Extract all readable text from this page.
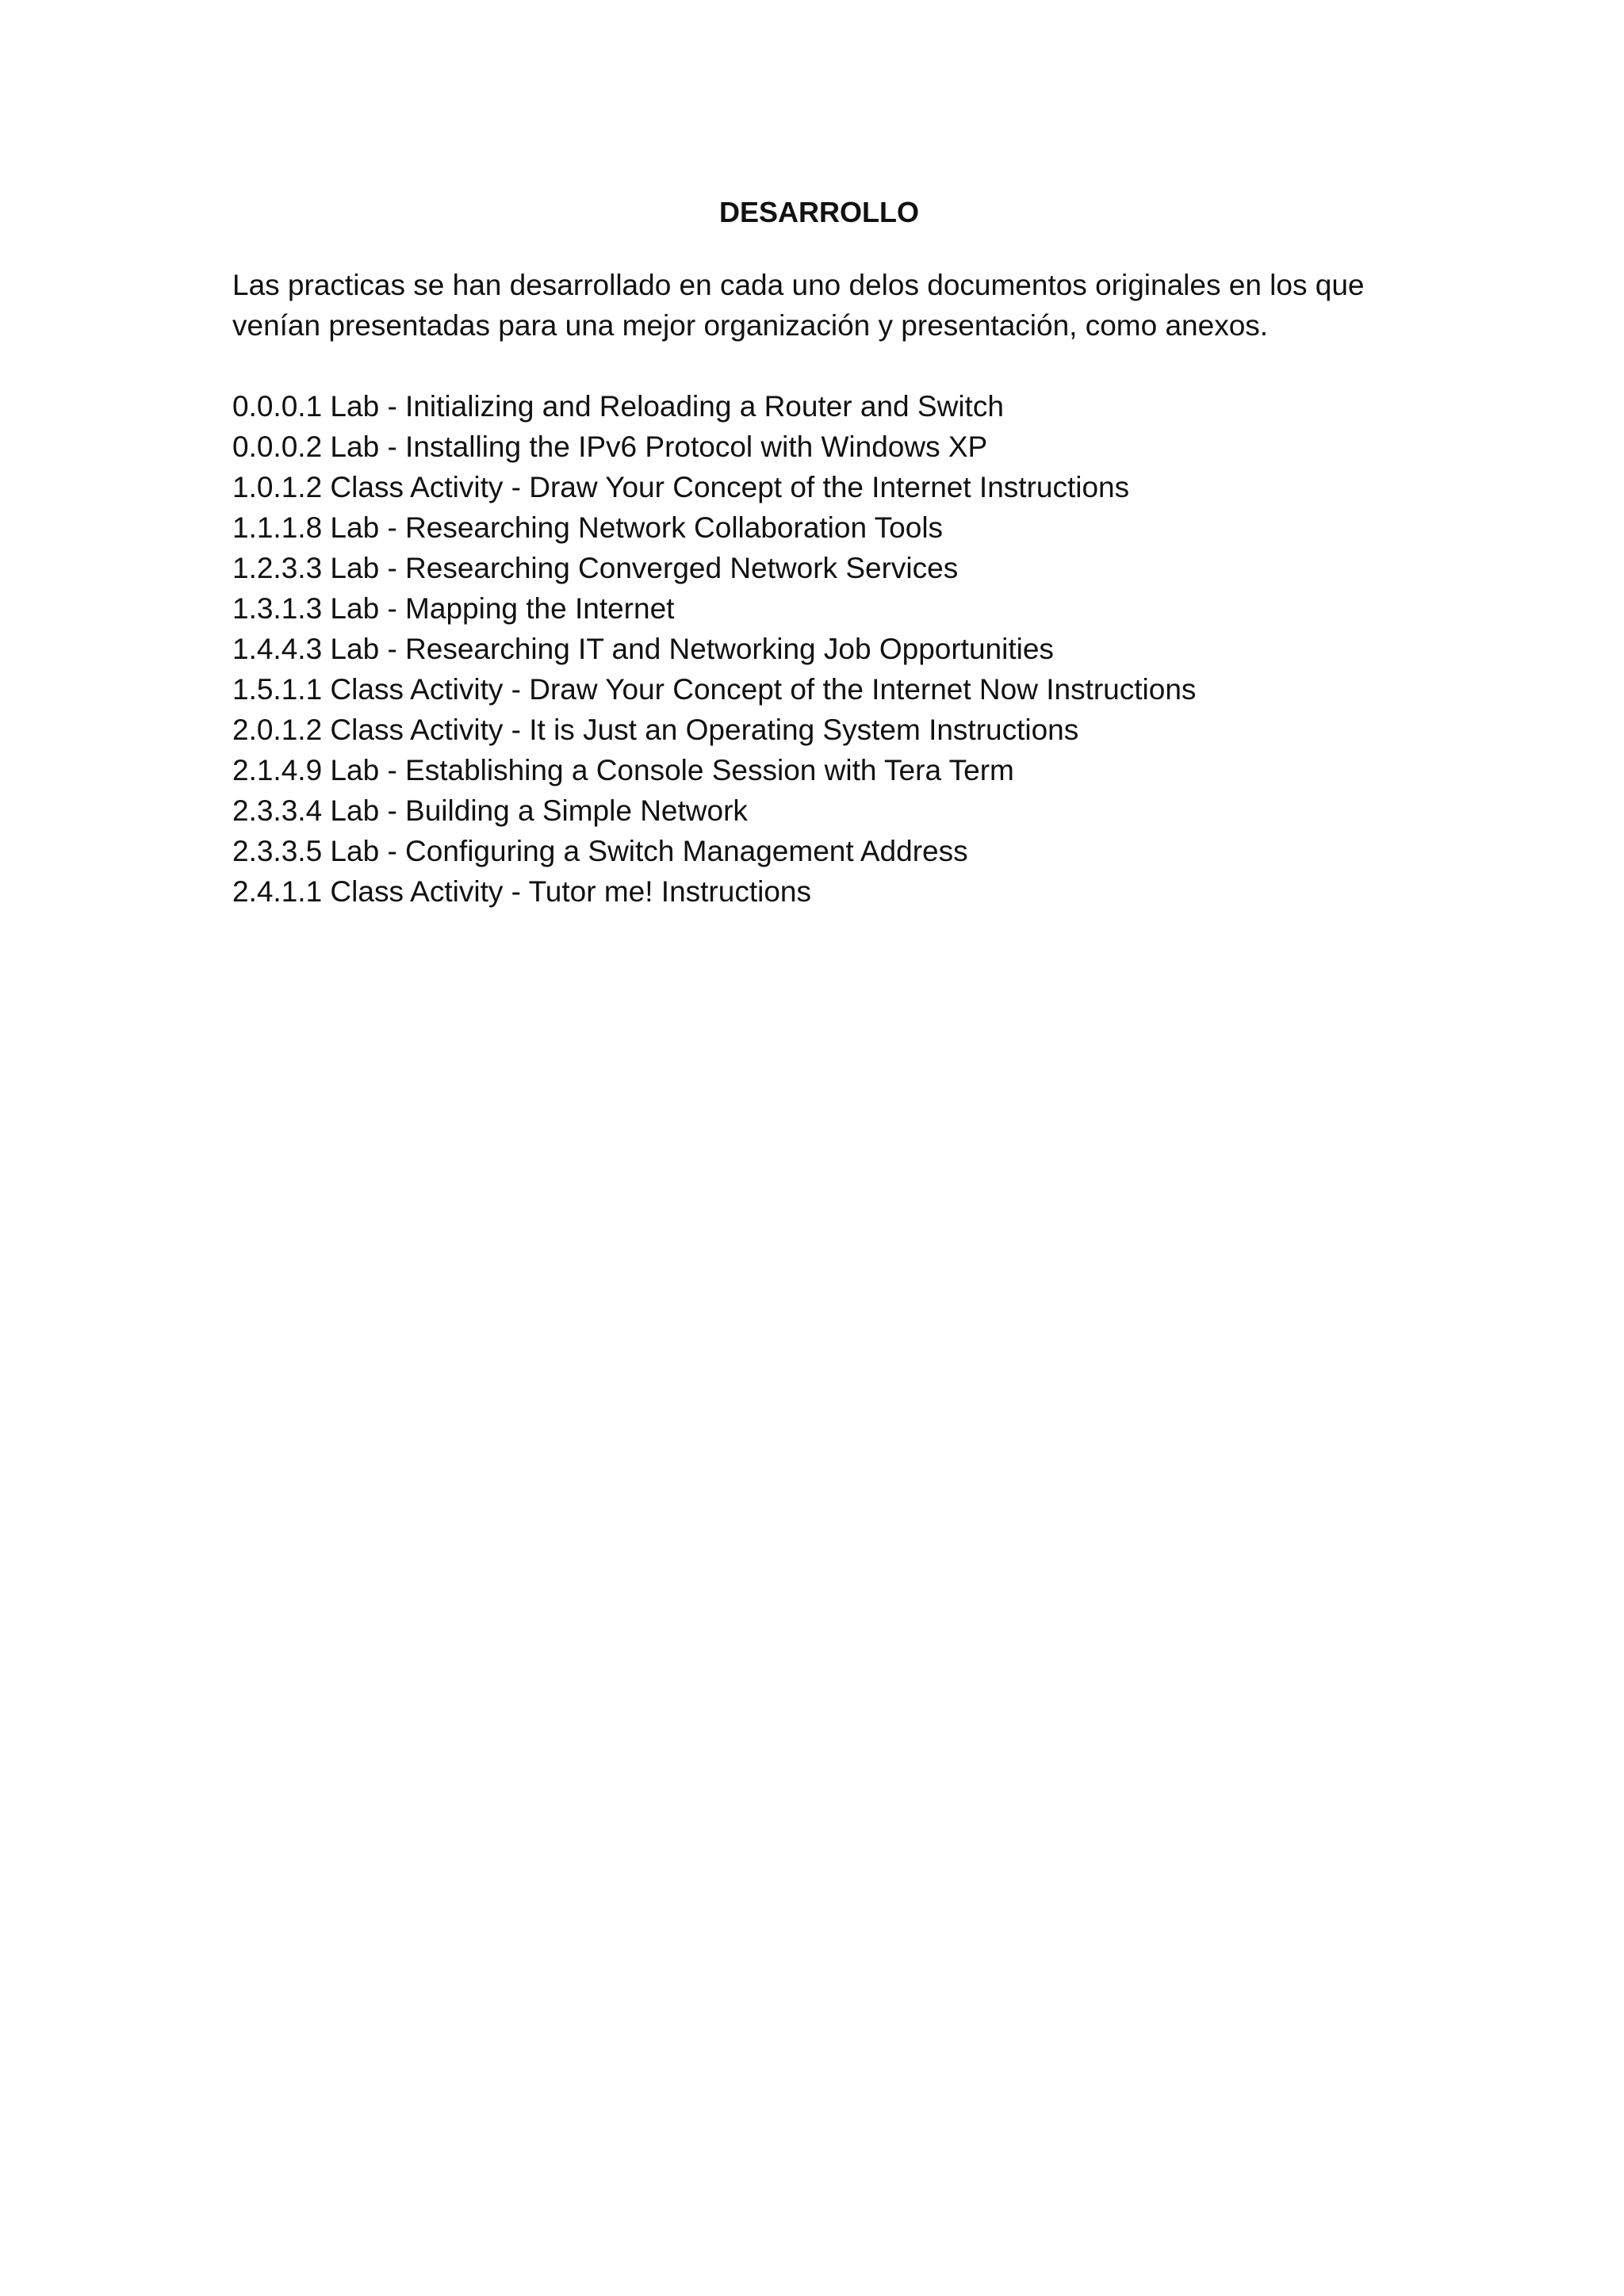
DESARROLLO
Las practicas se han desarrollado en cada uno delos documentos originales en los que
venían presentadas para una mejor organización y presentación, como anexos.
0.0.0.1 Lab - Initializing and Reloading a Router and Switch
0.0.0.2 Lab - Installing the IPv6 Protocol with Windows XP
1.0.1.2 Class Activity - Draw Your Concept of the Internet Instructions
1.1.1.8 Lab - Researching Network Collaboration Tools
1.2.3.3 Lab - Researching Converged Network Services
1.3.1.3 Lab - Mapping the Internet
1.4.4.3 Lab - Researching IT and Networking Job Opportunities
1.5.1.1 Class Activity - Draw Your Concept of the Internet Now Instructions
2.0.1.2 Class Activity - It is Just an Operating System Instructions
2.1.4.9 Lab - Establishing a Console Session with Tera Term
2.3.3.4 Lab - Building a Simple Network
2.3.3.5 Lab - Configuring a Switch Management Address
2.4.1.1 Class Activity - Tutor me! Instructions
